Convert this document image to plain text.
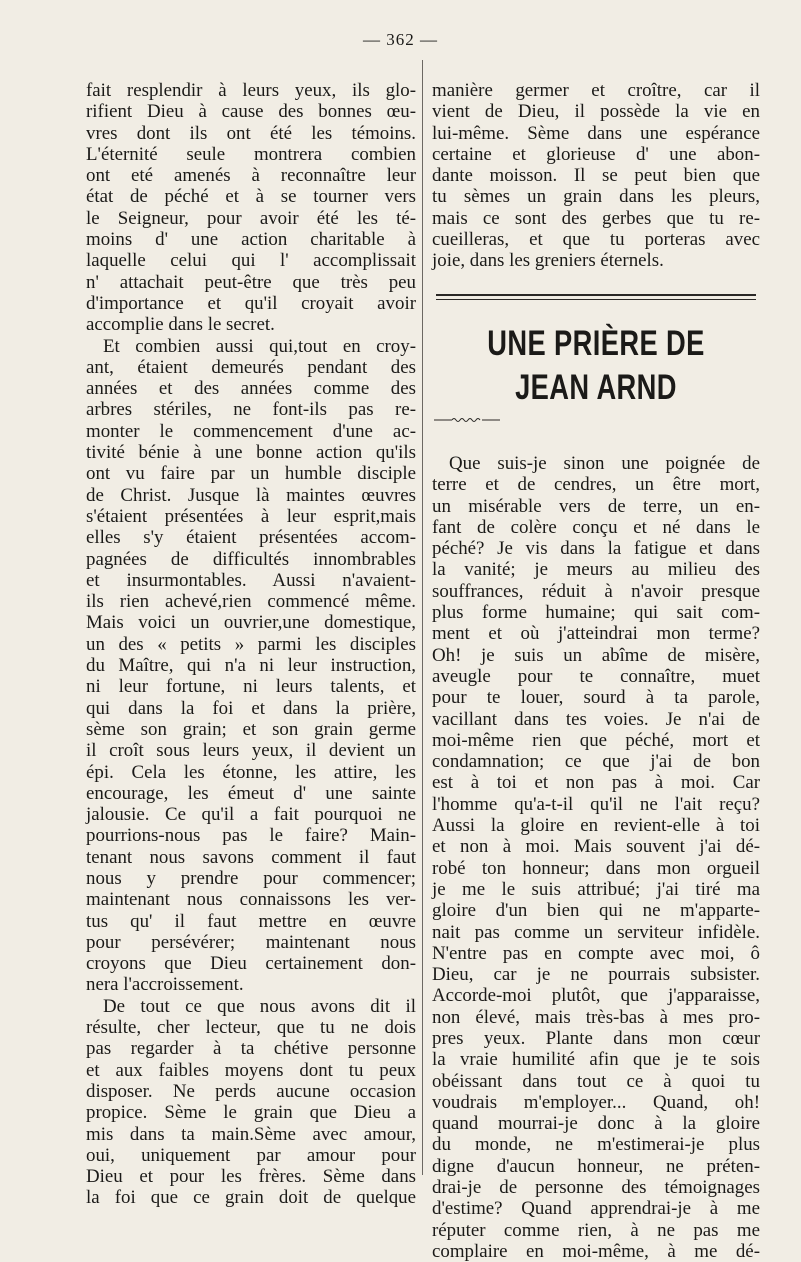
— 362 —

fait resplendir à leurs yeux, ils glo-
rifient Dieu à cause des bonnes œu-
vres dont ils ont été les témoins.
L'éternité seule montrera combien
ont eté amenés à reconnaître leur
état de péché et à se tourner vers
le Seigneur, pour avoir été les té-
moins d' une action charitable à
laquelle celui qui l' accomplissait
n' attachait peut-être que très peu
d'importance et qu'il croyait avoir
accomplie dans le secret.
Et combien aussi qui,tout en croy-
ant, étaient demeurés pendant des
années et des années comme des
arbres stériles, ne font-ils pas re-
monter le commencement d'une ac-
tivité bénie à une bonne action qu'ils
ont vu faire par un humble disciple
de Christ. Jusque là maintes œuvres
s'étaient présentées à leur esprit,mais
elles s'y étaient présentées accom-
pagnées de difficultés innombrables
et insurmontables. Aussi n'avaient-
ils rien achevé,rien commencé même.
Mais voici un ouvrier,une domestique,
un des « petits » parmi les disciples
du Maître, qui n'a ni leur instruction,
ni leur fortune, ni leurs talents, et
qui dans la foi et dans la prière,
sème son grain; et son grain germe
il croît sous leurs yeux, il devient un
épi. Cela les étonne, les attire, les
encourage, les émeut d' une sainte
jalousie. Ce qu'il a fait pourquoi ne
pourrions-nous pas le faire? Main-
tenant nous savons comment il faut
nous y prendre pour commencer;
maintenant nous connaissons les ver-
tus qu' il faut mettre en œuvre
pour persévérer; maintenant nous
croyons que Dieu certainement don-
nera l'accroissement.
De tout ce que nous avons dit il
résulte, cher lecteur, que tu ne dois
pas regarder à ta chétive personne
et aux faibles moyens dont tu peux
disposer. Ne perds aucune occasion
propice. Sème le grain que Dieu a
mis dans ta main.Sème avec amour,
oui, uniquement par amour pour
Dieu et pour les frères. Sème dans
la foi que ce grain doit de quelque

manière germer et croître, car il
vient de Dieu, il possède la vie en
lui-même. Sème dans une espérance
certaine et glorieuse d' une abon-
dante moisson. Il se peut bien que
tu sèmes un grain dans les pleurs,
mais ce sont des gerbes que tu re-
cueilleras, et que tu porteras avec
joie, dans les greniers éternels.

UNE PRIÈRE DE JEAN ARND

Que suis-je sinon une poignée de
terre et de cendres, un être mort,
un misérable vers de terre, un en-
fant de colère conçu et né dans le
péché? Je vis dans la fatigue et dans
la vanité; je meurs au milieu des
souffrances, réduit à n'avoir presque
plus forme humaine; qui sait com-
ment et où j'atteindrai mon terme?
Oh! je suis un abîme de misère,
aveugle pour te connaître, muet
pour te louer, sourd à ta parole,
vacillant dans tes voies. Je n'ai de
moi-même rien que péché, mort et
condamnation; ce que j'ai de bon
est à toi et non pas à moi. Car
l'homme qu'a-t-il qu'il ne l'ait reçu?
Aussi la gloire en revient-elle à toi
et non à moi. Mais souvent j'ai dé-
robé ton honneur; dans mon orgueil
je me le suis attribué; j'ai tiré ma
gloire d'un bien qui ne m'apparte-
nait pas comme un serviteur infidèle.
N'entre pas en compte avec moi, ô
Dieu, car je ne pourrais subsister.
Accorde-moi plutôt, que j'apparaisse,
non élevé, mais très-bas à mes pro-
pres yeux. Plante dans mon cœur
la vraie humilité afin que je te sois
obéissant dans tout ce à quoi tu
voudrais m'employer... Quand, oh!
quand mourrai-je donc à la gloire
du monde, ne m'estimerai-je plus
digne d'aucun honneur, ne préten-
drai-je de personne des témoignages
d'estime? Quand apprendrai-je à me
réputer comme rien, à ne pas me
complaire en moi-même, à me dé-
